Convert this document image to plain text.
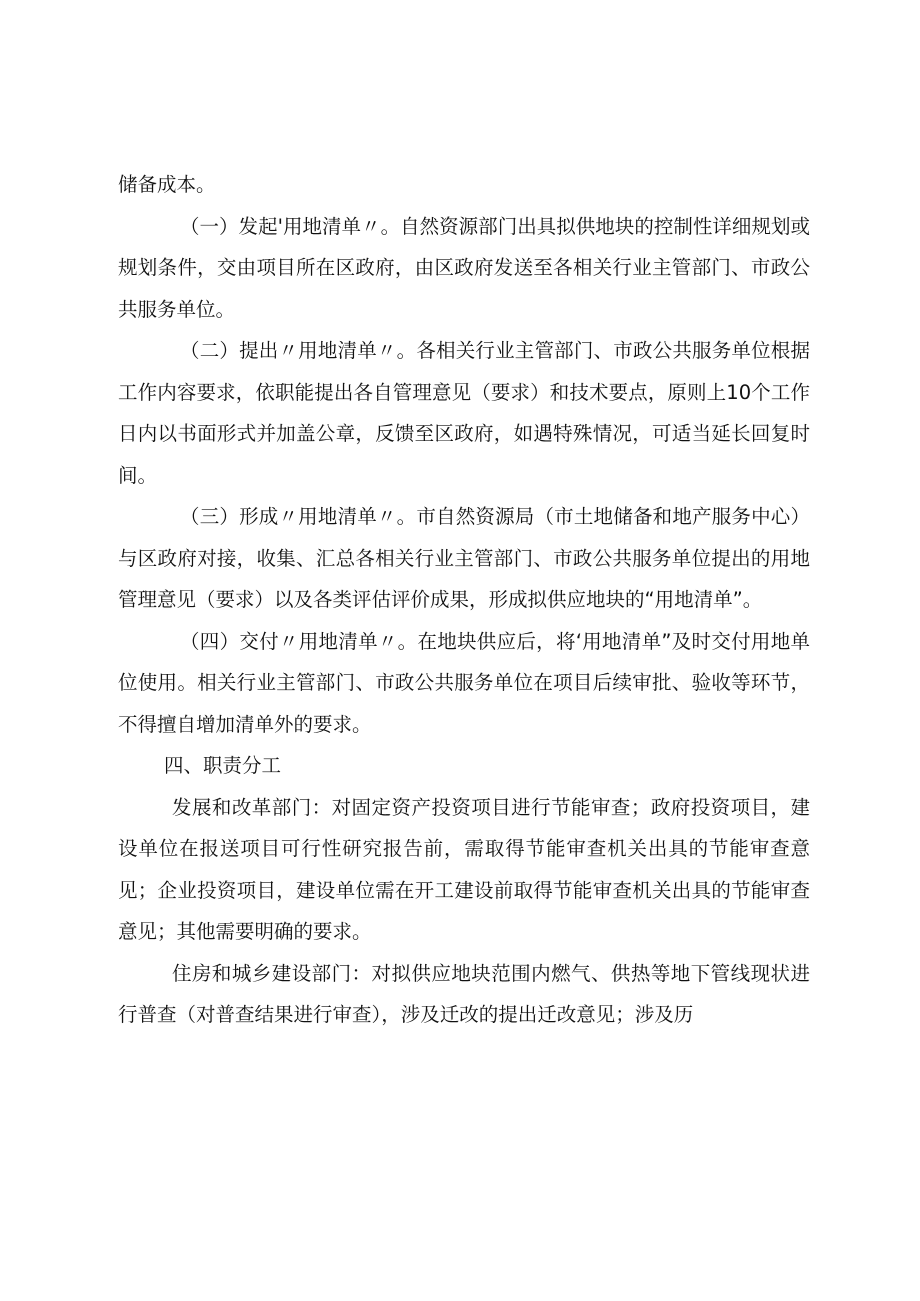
储备成本。

（一）发起'用地清单〃。自然资源部门出具拟供地块的控制性详细规划或规划条件，交由项目所在区政府，由区政府发送至各相关行业主管部门、市政公共服务单位。

（二）提出〃用地清单〃。各相关行业主管部门、市政公共服务单位根据工作内容要求，依职能提出各自管理意见（要求）和技术要点，原则上10个工作日内以书面形式并加盖公章，反馈至区政府，如遇特殊情况，可适当延长回复时间。

（三）形成〃用地清单〃。市自然资源局（市土地储备和地产服务中心）与区政府对接，收集、汇总各相关行业主管部门、市政公共服务单位提出的用地管理意见（要求）以及各类评估评价成果，形成拟供应地块的“用地清单”。

（四）交付〃用地清单〃。在地块供应后，将‘用地清单”及时交付用地单位使用。相关行业主管部门、市政公共服务单位在项目后续审批、验收等环节，不得擅自增加清单外的要求。

四、职责分工

发展和改革部门：对固定资产投资项目进行节能审查；政府投资项目，建设单位在报送项目可行性研究报告前，需取得节能审查机关出具的节能审查意见；企业投资项目，建设单位需在开工建设前取得节能审查机关出具的节能审查意见；其他需要明确的要求。

住房和城乡建设部门：对拟供应地块范围内燃气、供热等地下管线现状进行普查（对普查结果进行审查），涉及迁改的提出迁改意见；涉及历
